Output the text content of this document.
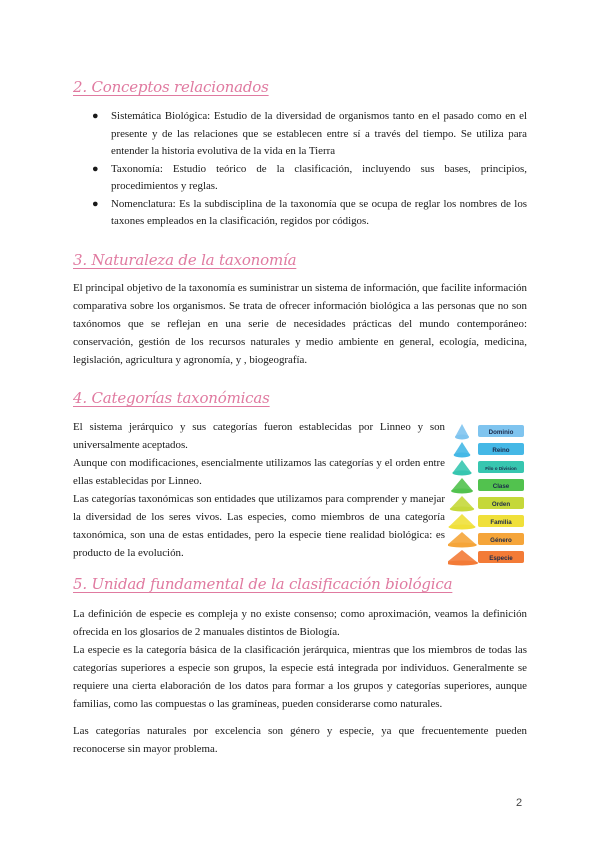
2. Conceptos relacionados
● Sistemática Biológica: Estudio de la diversidad de organismos tanto en el pasado como en el presente y de las relaciones que se establecen entre sí a través del tiempo. Se utiliza para entender la historia evolutiva de la vida en la Tierra
● Taxonomía: Estudio teórico de la clasificación, incluyendo sus bases, principios, procedimientos y reglas.
● Nomenclatura: Es la subdisciplina de la taxonomía que se ocupa de reglar los nombres de los taxones empleados en la clasificación, regidos por códigos.
3. Naturaleza de la taxonomía

El principal objetivo de la taxonomía es suministrar un sistema de información, que facilite información comparativa sobre los organismos. Se trata de ofrecer información biológica a las personas que no son taxónomos que se reflejan en una serie de necesidades prácticas del mundo contemporáneo: conservación, gestión de los recursos naturales y medio ambiente en general, ecología, medicina, legislación, agricultura y agronomía, y , biogeografía.

4. Categorías taxonómicas

El sistema jerárquico y sus categorías fueron establecidas por Linneo y son universalmente aceptados.

Aunque con modificaciones, esencialmente utilizamos las categorías y el orden entre ellas establecidas por Linneo.

Las categorías taxonómicas son entidades que utilizamos para comprender y manejar la diversidad de los seres vivos. Las especies, como miembros de una categoría taxonómica, son una de estas entidades, pero la especie tiene realidad biológica: es producto de la evolución.

Dominio
Reino
Filo o Division
Clase
Orden
Familia
Género
Especie
5. Unidad fundamental de la clasificación biológica

La definición de especie es compleja y no existe consenso; como aproximación, veamos la definición ofrecida en los glosarios de 2 manuales distintos de Biología.

La especie es la categoría básica de la clasificación jerárquica, mientras que los miembros de todas las categorías superiores a especie son grupos, la especie está integrada por individuos. Generalmente se requiere una cierta elaboración de los datos para formar a los grupos y categorías superiores, aunque familias, como las compuestas o las gramíneas, pueden considerarse como naturales.

Las categorías naturales por excelencia son género y especie, ya que frecuentemente pueden reconocerse sin mayor problema.

2
